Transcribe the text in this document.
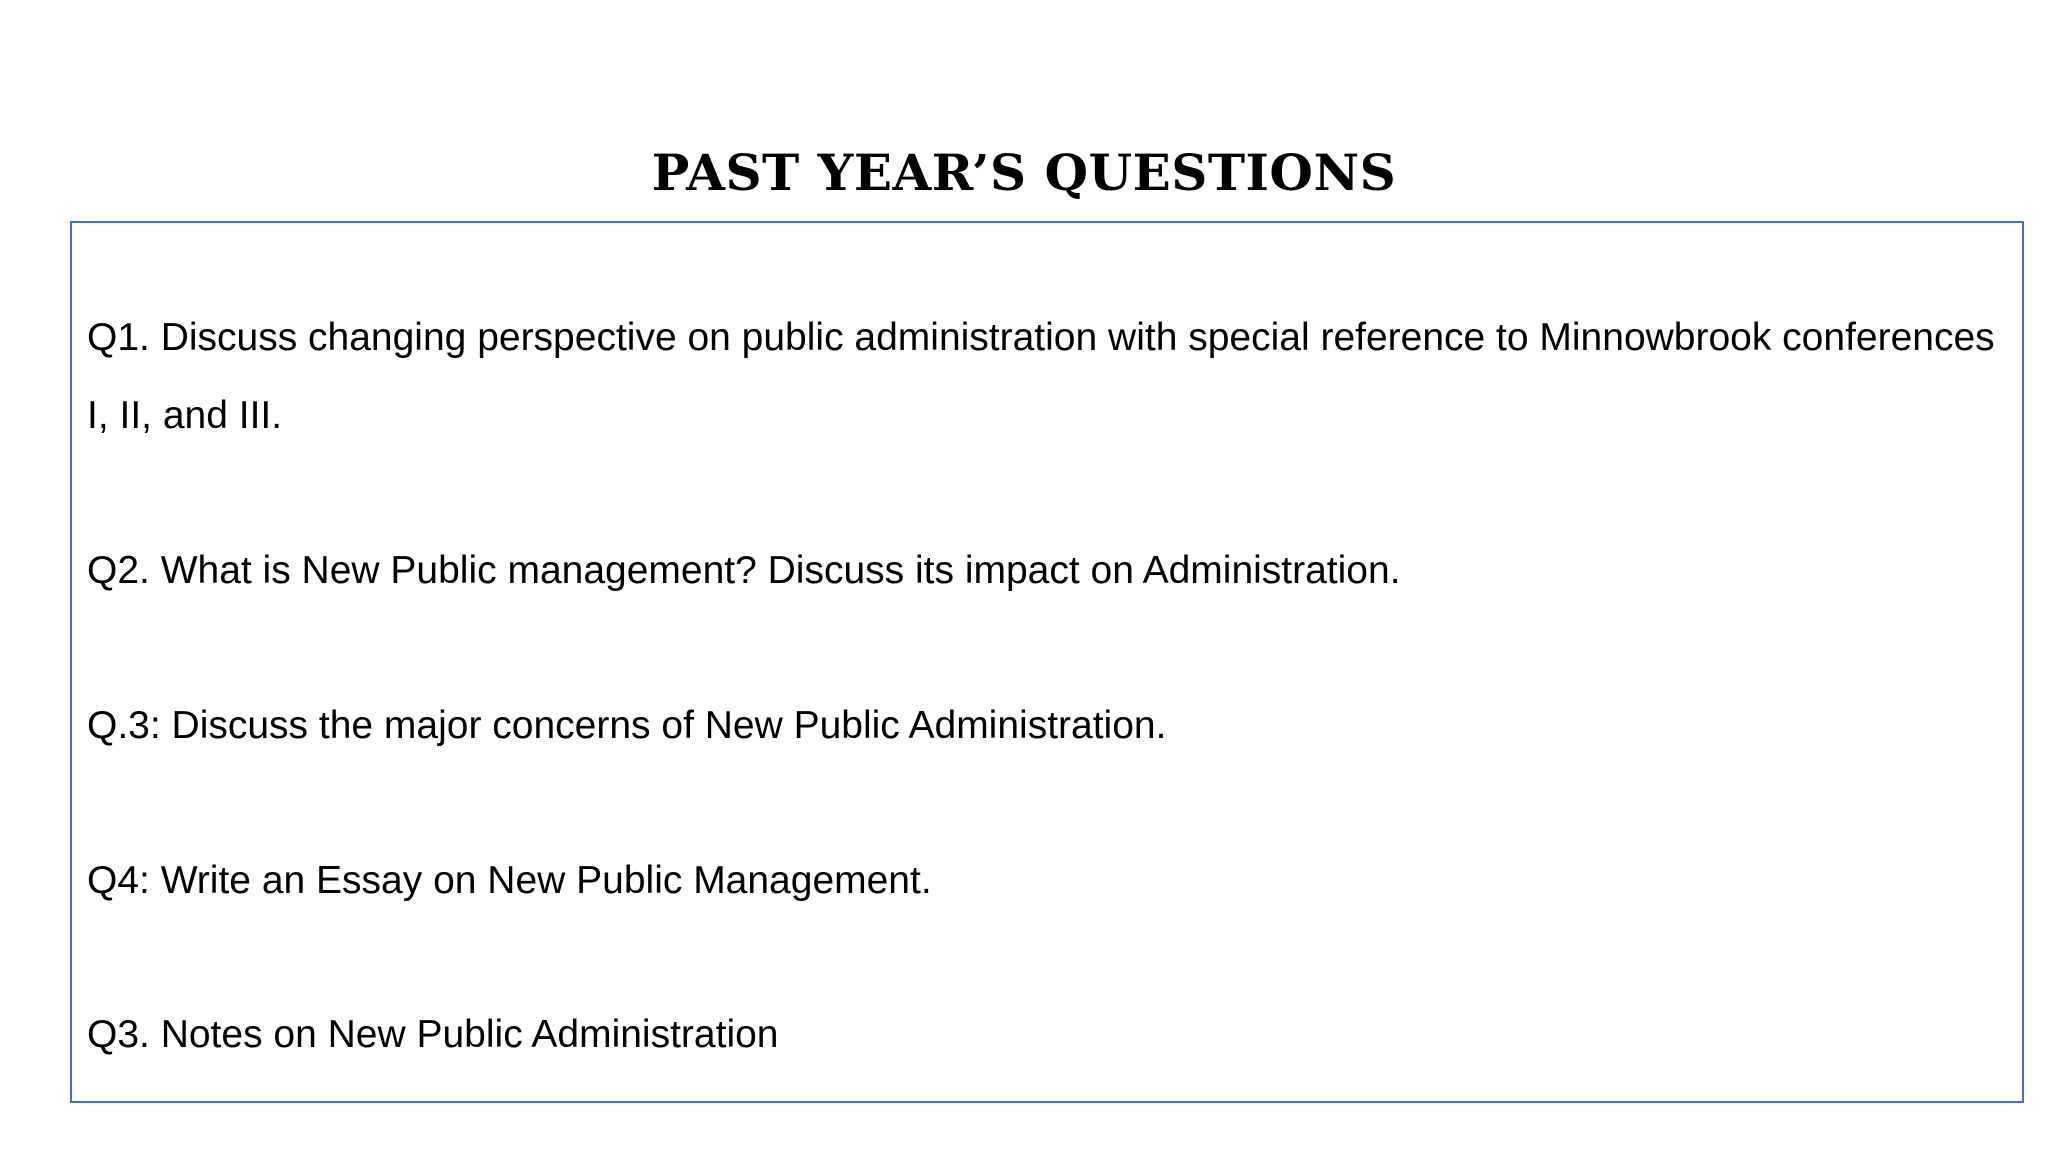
PAST YEAR’S QUESTIONS
Q1. Discuss changing perspective on public administration with special reference to Minnowbrook conferences I, II, and III.
Q2. What is New Public management? Discuss its impact on Administration.
Q.3: Discuss the major concerns of New Public Administration.
Q4: Write an Essay on New Public Management.
Q3. Notes on New Public Administration
